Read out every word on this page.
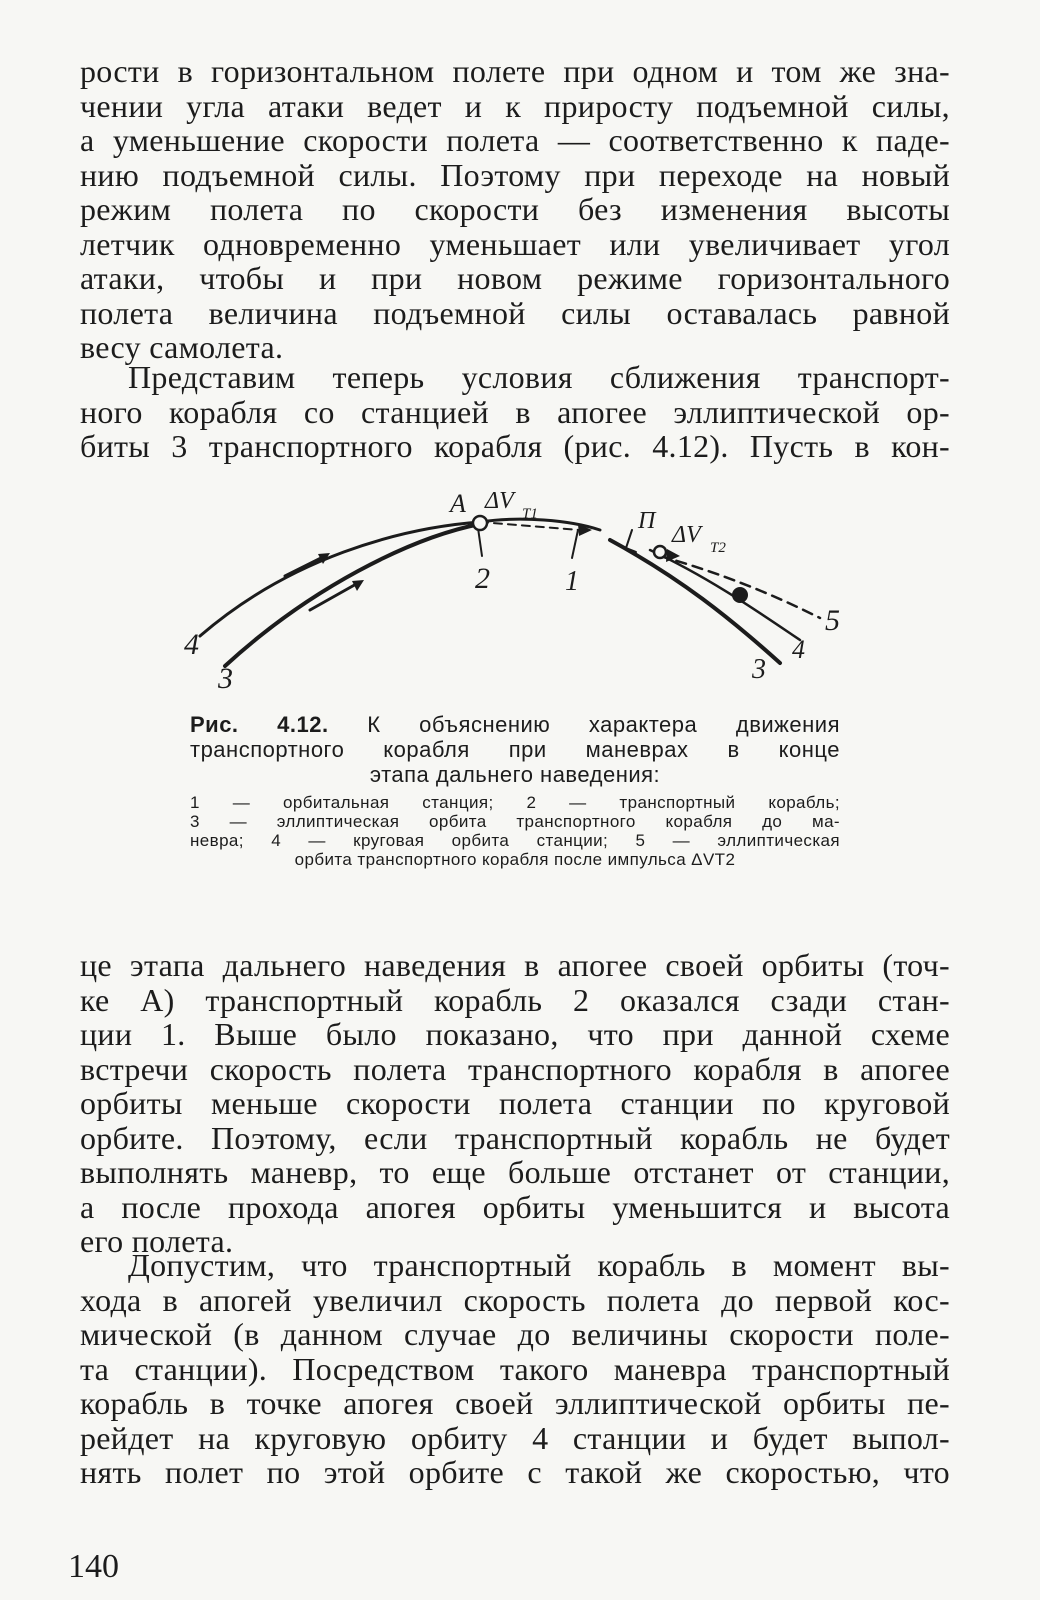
рости в горизонтальном полете при одном и том же зна-
чении угла атаки ведет и к приросту подъемной силы,
а уменьшение скорости полета — соответственно к паде-
нию подъемной силы. Поэтому при переходе на новый
режим полета по скорости без изменения высоты
летчик одновременно уменьшает или увеличивает угол
атаки, чтобы и при новом режиме горизонтального
полета величина подъемной силы оставалась равной
весу самолета.
Представим теперь условия сближения транспорт-
ного корабля со станцией в апогее эллиптической ор-
биты 3 транспортного корабля (рис. 4.12). Пусть в кон-
A ΔV T1	П
ΔV T2
2	1
4
3	3
4
5
Рис. 4.12. К объяснению характера движения
транспортного корабля при маневрах в конце
этапа дальнего наведения:
1 — орбитальная станция; 2 — транспортный корабль;
3 — эллиптическая орбита транспортного корабля до ма-
невра; 4 — круговая орбита станции; 5 — эллиптическая
орбита транспортного корабля после импульса ΔVT2
це этапа дальнего наведения в апогее своей орбиты (точ-
ке A) транспортный корабль 2 оказался сзади стан-
ции 1. Выше было показано, что при данной схеме
встречи скорость полета транспортного корабля в апогее
орбиты меньше скорости полета станции по круговой
орбите. Поэтому, если транспортный корабль не будет
выполнять маневр, то еще больше отстанет от станции,
а после прохода апогея орбиты уменьшится и высота
его полета.
Допустим, что транспортный корабль в момент вы-
хода в апогей увеличил скорость полета до первой кос-
мической (в данном случае до величины скорости поле-
та станции). Посредством такого маневра транспортный
корабль в точке апогея своей эллиптической орбиты пе-
рейдет на круговую орбиту 4 станции и будет выпол-
нять полет по этой орбите с такой же скоростью, что
140
